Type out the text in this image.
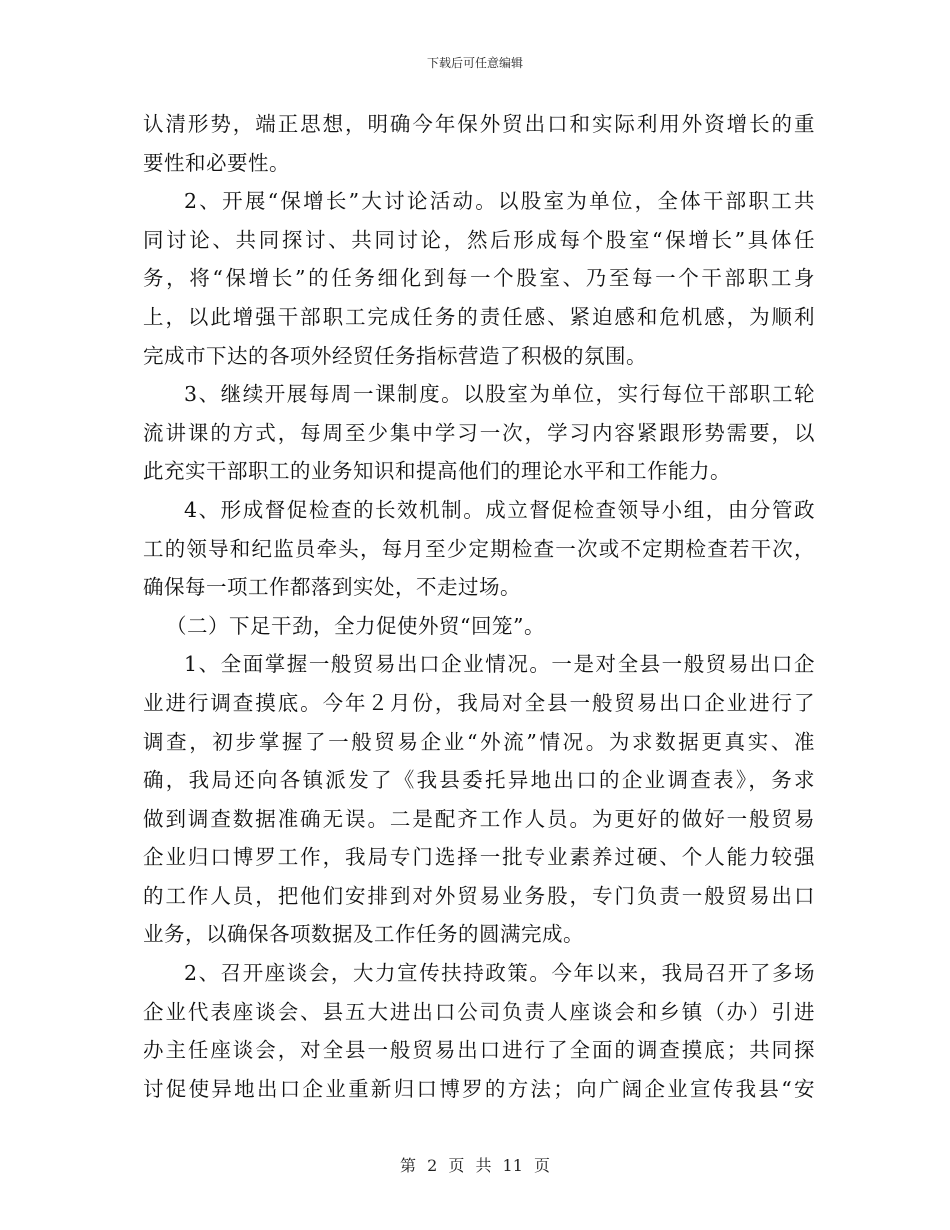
下载后可任意编辑
认清形势，端正思想，明确今年保外贸出口和实际利用外资增长的重
要性和必要性。
2、开展“保增长”大讨论活动。以股室为单位，全体干部职工共
同讨论、共同探讨、共同讨论，然后形成每个股室“保增长”具体任
务，将“保增长”的任务细化到每一个股室、乃至每一个干部职工身
上，以此增强干部职工完成任务的责任感、紧迫感和危机感，为顺利
完成市下达的各项外经贸任务指标营造了积极的氛围。
3、继续开展每周一课制度。以股室为单位，实行每位干部职工轮
流讲课的方式，每周至少集中学习一次，学习内容紧跟形势需要，以
此充实干部职工的业务知识和提高他们的理论水平和工作能力。
4、形成督促检查的长效机制。成立督促检查领导小组，由分管政
工的领导和纪监员牵头，每月至少定期检查一次或不定期检查若干次，
确保每一项工作都落到实处，不走过场。
（二）下足干劲，全力促使外贸“回笼”。
1、全面掌握一般贸易出口企业情况。一是对全县一般贸易出口企
业进行调查摸底。今年２月份，我局对全县一般贸易出口企业进行了
调查，初步掌握了一般贸易企业“外流”情况。为求数据更真实、准
确，我局还向各镇派发了《我县委托异地出口的企业调查表》，务求
做到调查数据准确无误。二是配齐工作人员。为更好的做好一般贸易
企业归口博罗工作，我局专门选择一批专业素养过硬、个人能力较强
的工作人员，把他们安排到对外贸易业务股，专门负责一般贸易出口
业务，以确保各项数据及工作任务的圆满完成。
2、召开座谈会，大力宣传扶持政策。今年以来，我局召开了多场
企业代表座谈会、县五大进出口公司负责人座谈会和乡镇（办）引进
办主任座谈会，对全县一般贸易出口进行了全面的调查摸底；共同探
讨促使异地出口企业重新归口博罗的方法；向广阔企业宣传我县“安
第 2 页 共 11 页
